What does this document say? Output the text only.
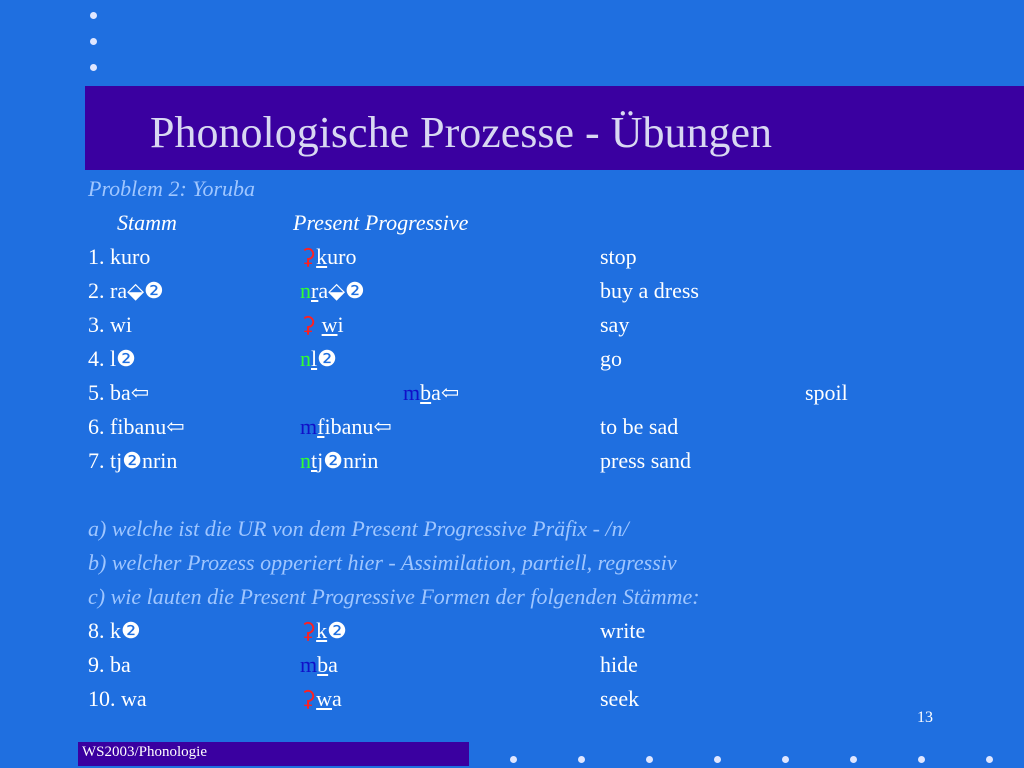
Phonologische Prozesse - Übungen
Problem 2: Yoruba
Stamm	Present Progressive
1. kuro	⚳kuro	stop
2. ra⬙❷	nra⬙❷	buy a dress
3. wi	⚳ wi	say
4. l❷	nl❷	go
5. ba⇦	mba⇦	spoil
6. fibanu⇦	mfibanu⇦	to be sad
7. tj❷nrin	ntj❷nrin	press sand
a) welche ist die UR von dem Present Progressive Präfix - /n/
b) welcher Prozess opperiert hier - Assimilation, partiell, regressiv
c) wie lauten die Present Progressive Formen der folgenden Stämme:
8. k❷	⚳k❷	write
9. ba	mba	hide
10. wa	⚳wa	seek
13
WS2003/Phonologie
